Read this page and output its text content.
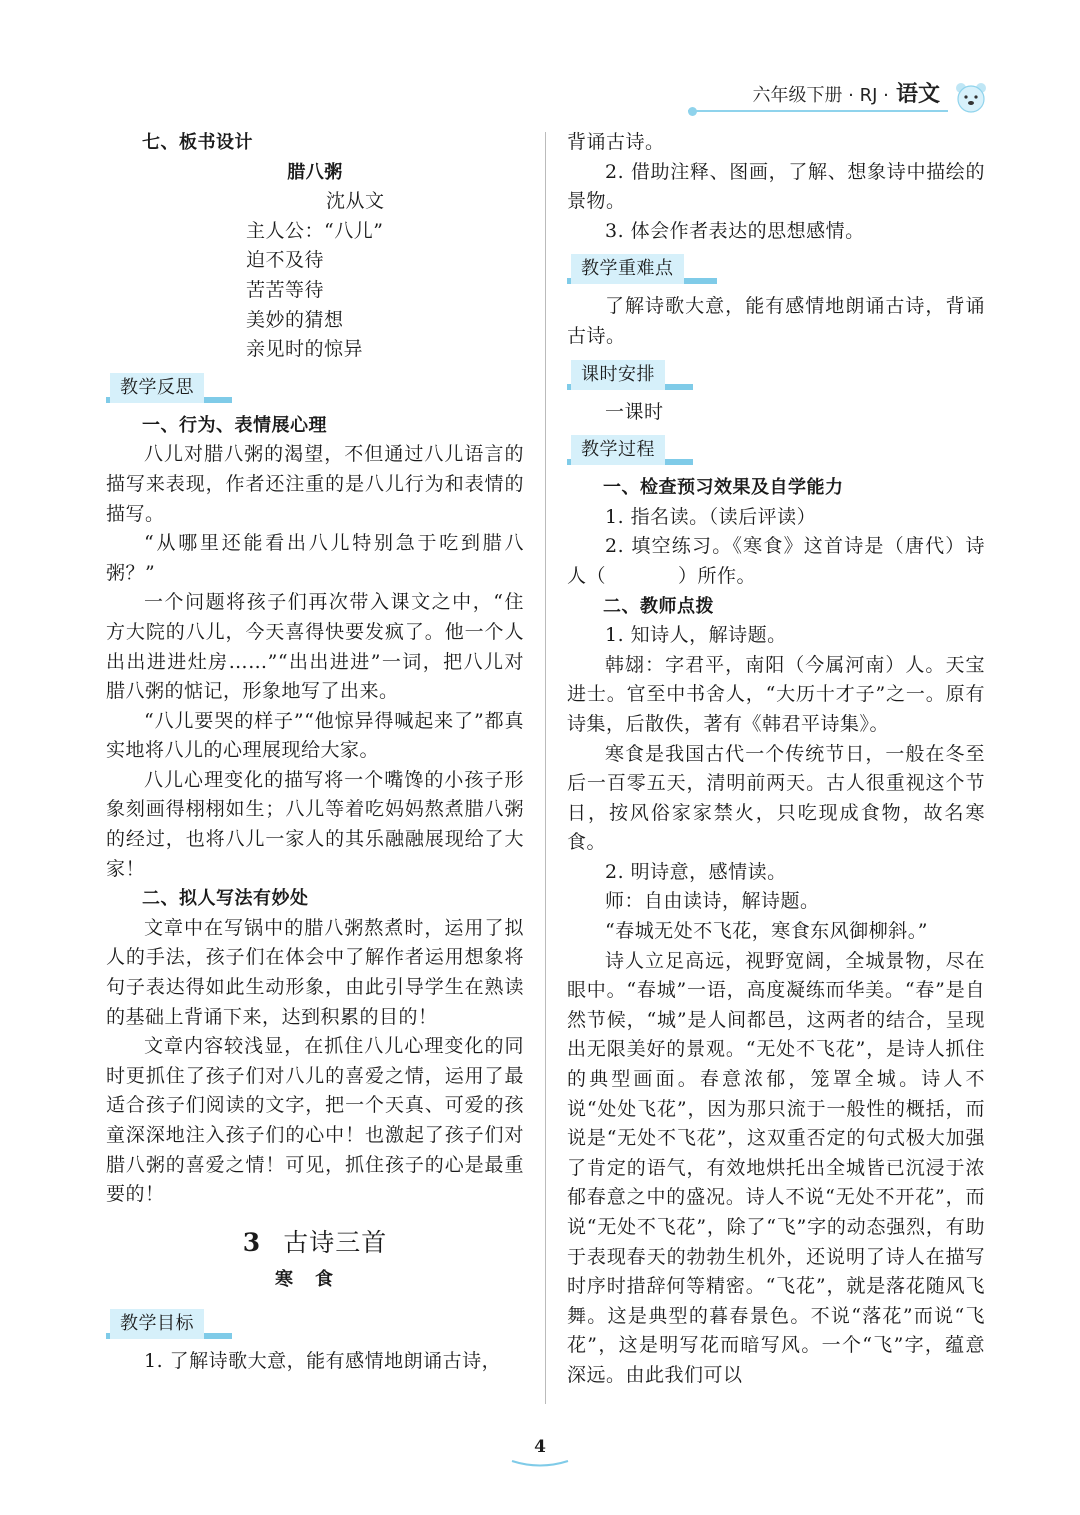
六年级下册 · RJ · 语文

七、板书设计

腊八粥

沈从文

主人公：“八儿”

迫不及待

苦苦等待

美妙的猜想

亲见时的惊异

教学反思

一、行为、表情展心理

八儿对腊八粥的渴望，不但通过八儿语言的描写来表现，作者还注重的是八儿行为和表情的描写。

“从哪里还能看出八儿特别急于吃到腊八粥？”

一个问题将孩子们再次带入课文之中，“住方大院的八儿，今天喜得快要发疯了。他一个人出出进进灶房……”“出出进进”一词，把八儿对腊八粥的惦记，形象地写了出来。

“八儿要哭的样子”“他惊异得喊起来了”都真实地将八儿的心理展现给大家。

八儿心理变化的描写将一个嘴馋的小孩子形象刻画得栩栩如生；八儿等着吃妈妈熬煮腊八粥的经过，也将八儿一家人的其乐融融展现给了大家！

二、拟人写法有妙处

文章中在写锅中的腊八粥熬煮时，运用了拟人的手法，孩子们在体会中了解作者运用想象将句子表达得如此生动形象，由此引导学生在熟读的基础上背诵下来，达到积累的目的！

文章内容较浅显，在抓住八儿心理变化的同时更抓住了孩子们对八儿的喜爱之情，运用了最适合孩子们阅读的文字，把一个天真、可爱的孩童深深地注入孩子们的心中！也激起了孩子们对腊八粥的喜爱之情！可见，抓住孩子的心是最重要的！

3 古诗三首
寒食
教学目标

1. 了解诗歌大意，能有感情地朗诵古诗，

背诵古诗。

2. 借助注释、图画，了解、想象诗中描绘的景物。

3. 体会作者表达的思想感情。

教学重难点

了解诗歌大意，能有感情地朗诵古诗，背诵古诗。

课时安排

一课时

教学过程

一、检查预习效果及自学能力

1. 指名读。（读后评读）

2. 填空练习。《寒食》这首诗是（唐代）诗人（	）所作。

二、教师点拨

1. 知诗人，解诗题。

韩翃：字君平，南阳（今属河南）人。天宝进士。官至中书舍人，“大历十才子”之一。原有诗集，后散佚，著有《韩君平诗集》。

寒食是我国古代一个传统节日，一般在冬至后一百零五天，清明前两天。古人很重视这个节日，按风俗家家禁火，只吃现成食物，故名寒食。

2. 明诗意，感情读。

师：自由读诗，解诗题。

“春城无处不飞花，寒食东风御柳斜。”

诗人立足高远，视野宽阔，全城景物，尽在眼中。“春城”一语，高度凝练而华美。“春”是自然节候，“城”是人间都邑，这两者的结合，呈现出无限美好的景观。“无处不飞花”，是诗人抓住的典型画面。春意浓郁，笼罩全城。诗人不说“处处飞花”，因为那只流于一般性的概括，而说是“无处不飞花”，这双重否定的句式极大加强了肯定的语气，有效地烘托出全城皆已沉浸于浓郁春意之中的盛况。诗人不说“无处不开花”，而说“无处不飞花”，除了“飞”字的动态强烈，有助于表现春天的勃勃生机外，还说明了诗人在描写时序时措辞何等精密。“飞花”，就是落花随风飞舞。这是典型的暮春景色。不说“落花”而说“飞花”，这是明写花而暗写风。一个“飞”字，蕴意深远。由此我们可以

4
